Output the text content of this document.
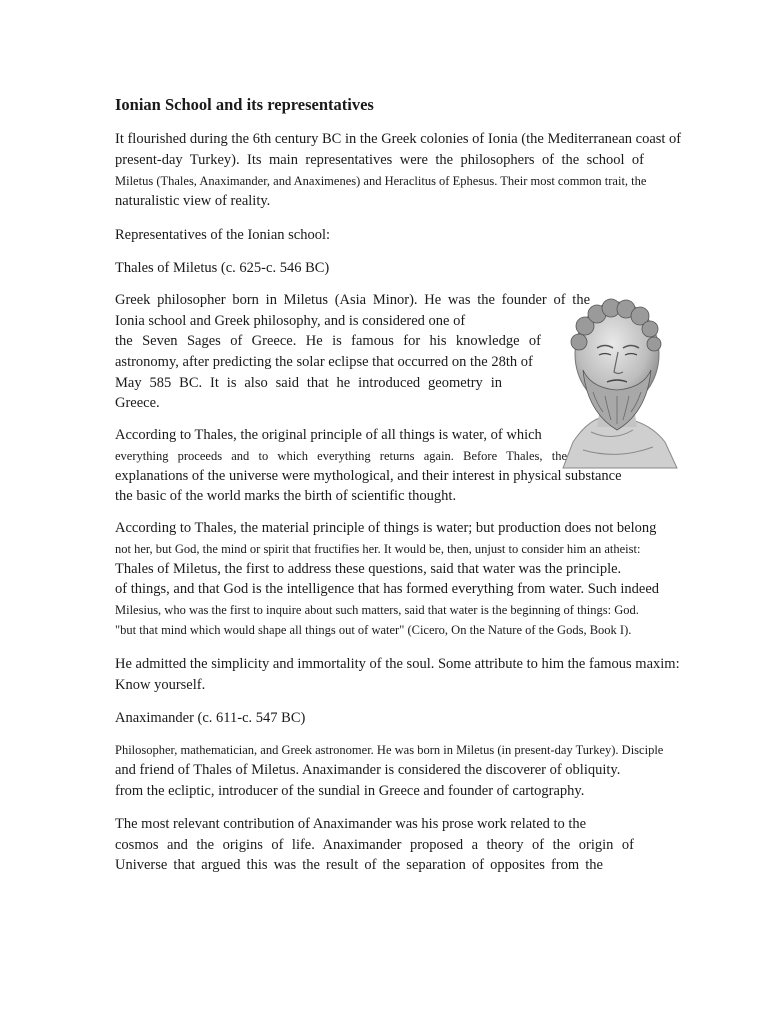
Ionian School and its representatives
It flourished during the 6th century BC in the Greek colonies of Ionia (the Mediterranean coast of
present-day Turkey). Its main representatives were the philosophers of the school of
Miletus (Thales, Anaximander, and Anaximenes) and Heraclitus of Ephesus. Their most common trait, the
naturalistic view of reality.
Representatives of the Ionian school:
Thales of Miletus (c. 625-c. 546 BC)
Greek philosopher born in Miletus (Asia Minor). He was the founder of the
Ionia school and Greek philosophy, and is considered one of
the Seven Sages of Greece. He is famous for his knowledge of
astronomy, after predicting the solar eclipse that occurred on the 28th of
May 585 BC. It is also said that he introduced geometry in
Greece.
According to Thales, the original principle of all things is water, of which
everything proceeds and to which everything returns again. Before Thales, the
explanations of the universe were mythological, and their interest in physical substance
the basic of the world marks the birth of scientific thought.
According to Thales, the material principle of things is water; but production does not belong
not her, but God, the mind or spirit that fructifies her. It would be, then, unjust to consider him an atheist:
Thales of Miletus, the first to address these questions, said that water was the principle.
of things, and that God is the intelligence that has formed everything from water. Such indeed
Milesius, who was the first to inquire about such matters, said that water is the beginning of things: God.
"but that mind which would shape all things out of water" (Cicero, On the Nature of the Gods, Book I).
He admitted the simplicity and immortality of the soul. Some attribute to him the famous maxim:
Know yourself.
Anaximander (c. 611-c. 547 BC)
Philosopher, mathematician, and Greek astronomer. He was born in Miletus (in present-day Turkey). Disciple
and friend of Thales of Miletus. Anaximander is considered the discoverer of obliquity.
from the ecliptic, introducer of the sundial in Greece and founder of cartography.
The most relevant contribution of Anaximander was his prose work related to the
cosmos and the origins of life. Anaximander proposed a theory of the origin of
Universe that argued this was the result of the separation of opposites from the
